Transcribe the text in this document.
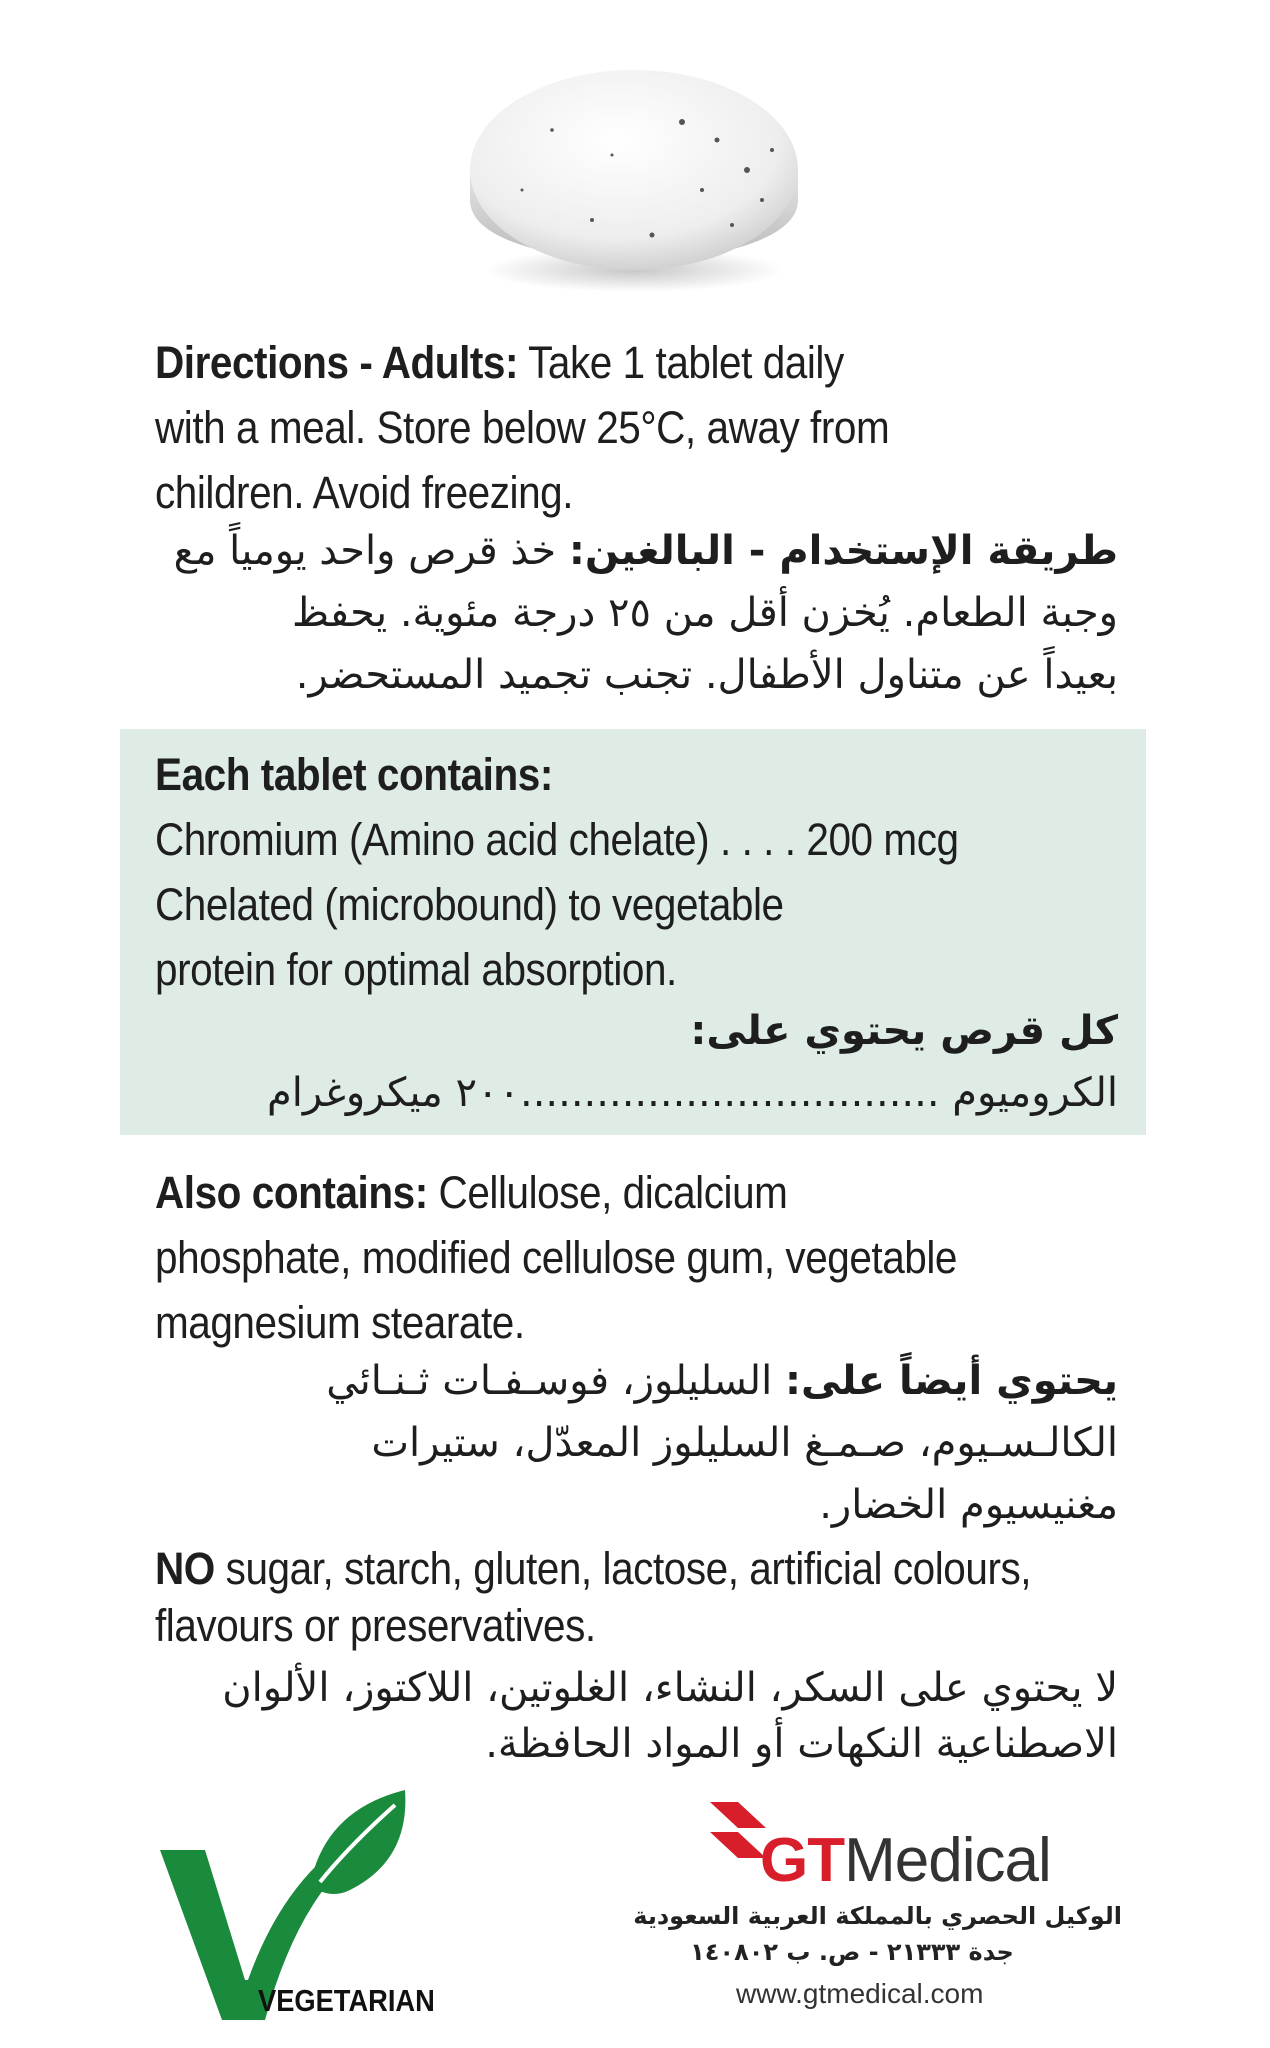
Directions - Adults: Take 1 tablet daily
with a meal. Store below 25°C, away from
children. Avoid freezing.
طريقة الإستخدام - البالغين: خذ قرص واحد يومياً مع
وجبة الطعام. يُخزن أقل من ٢٥ درجة مئوية. يحفظ
بعيداً عن متناول الأطفال. تجنب تجميد المستحضر.
Each tablet contains:
Chromium (Amino acid chelate) . . . . 200 mcg
Chelated (microbound) to vegetable
protein for optimal absorption.
كل قرص يحتوي على:
الكروميوم .................................٢٠٠ ميكروغرام
Also contains: Cellulose, dicalcium
phosphate, modified cellulose gum, vegetable
magnesium stearate.
يحتوي أيضاً على: السليلوز، فوسـفـات ثـنـائي
الكالـسـيوم، صـمـغ السليلوز المعدّل، ستيرات
مغنيسيوم الخضار.
NO sugar, starch, gluten, lactose, artificial colours,
flavours or preservatives.
لا يحتوي على السكر، النشاء، الغلوتين، اللاكتوز، الألوان
الاصطناعية النكهات أو المواد الحافظة.
VEGETARIAN
GTMedical
الوكيل الحصري بالمملكة العربية السعودية
جدة ٢١٣٣٣ - ص. ب ١٤٠٨٠٢
www.gtmedical.com
